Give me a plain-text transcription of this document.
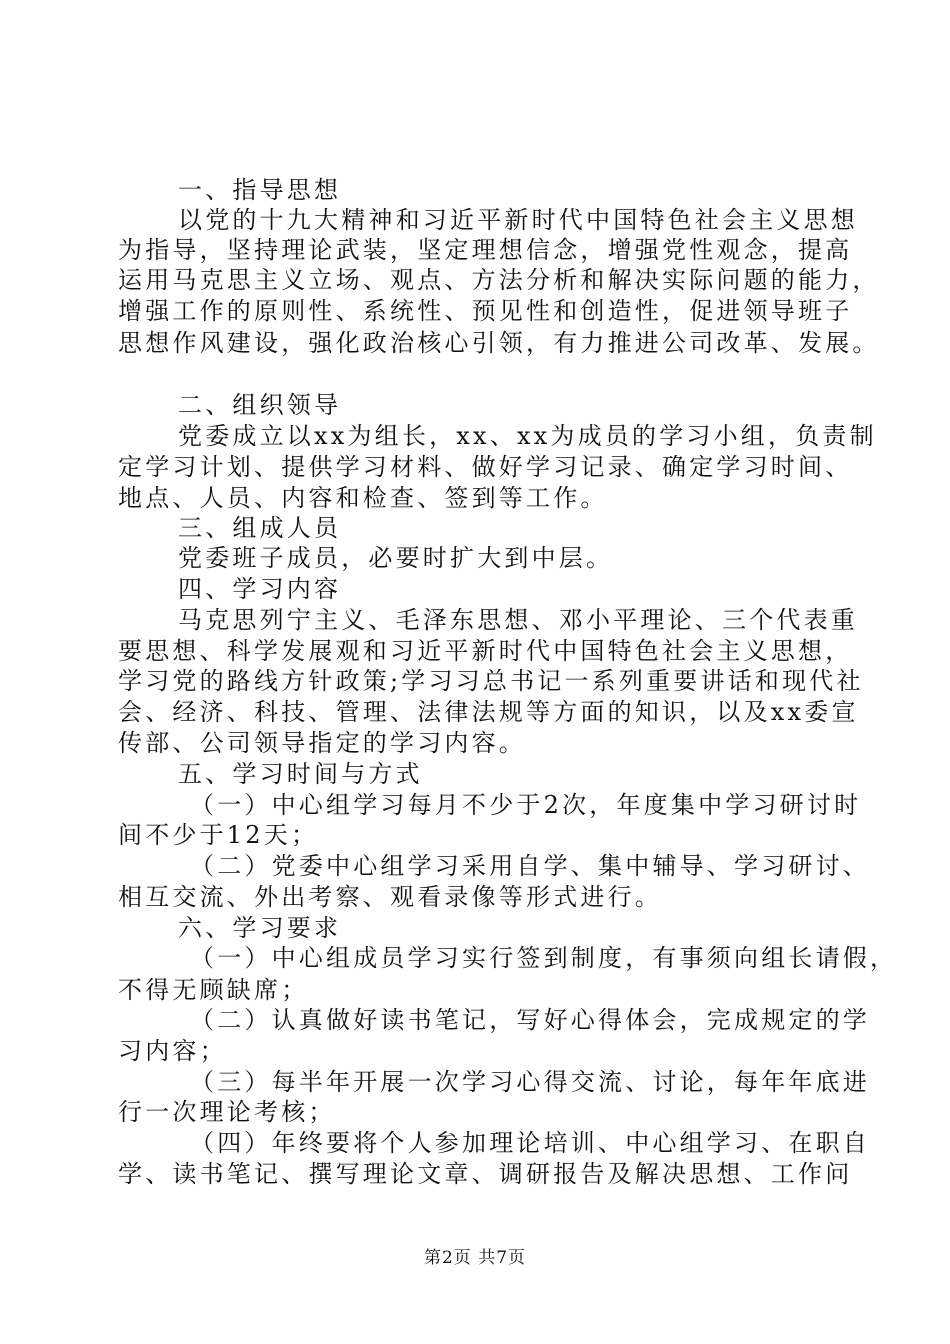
一、指导思想
以党的十九大精神和习近平新时代中国特色社会主义思想
为指导，坚持理论武装，坚定理想信念，增强党性观念，提高
运用马克思主义立场、观点、方法分析和解决实际问题的能力，
增强工作的原则性、系统性、预见性和创造性，促进领导班子
思想作风建设，强化政治核心引领，有力推进公司改革、发展。
二、组织领导
党委成立以xx为组长，xx、xx为成员的学习小组，负责制
定学习计划、提供学习材料、做好学习记录、确定学习时间、
地点、人员、内容和检查、签到等工作。
三、组成人员
党委班子成员，必要时扩大到中层。
四、学习内容
马克思列宁主义、毛泽东思想、邓小平理论、三个代表重
要思想、科学发展观和习近平新时代中国特色社会主义思想，
学习党的路线方针政策;学习习总书记一系列重要讲话和现代社
会、经济、科技、管理、法律法规等方面的知识，以及xx委宣
传部、公司领导指定的学习内容。
五、学习时间与方式
（一）中心组学习每月不少于2次，年度集中学习研讨时
间不少于12天；
（二）党委中心组学习采用自学、集中辅导、学习研讨、
相互交流、外出考察、观看录像等形式进行。
六、学习要求
（一）中心组成员学习实行签到制度，有事须向组长请假，
不得无顾缺席；
（二）认真做好读书笔记，写好心得体会，完成规定的学
习内容；
（三）每半年开展一次学习心得交流、讨论，每年年底进
行一次理论考核；
（四）年终要将个人参加理论培训、中心组学习、在职自
学、读书笔记、撰写理论文章、调研报告及解决思想、工作问
第2页 共7页
